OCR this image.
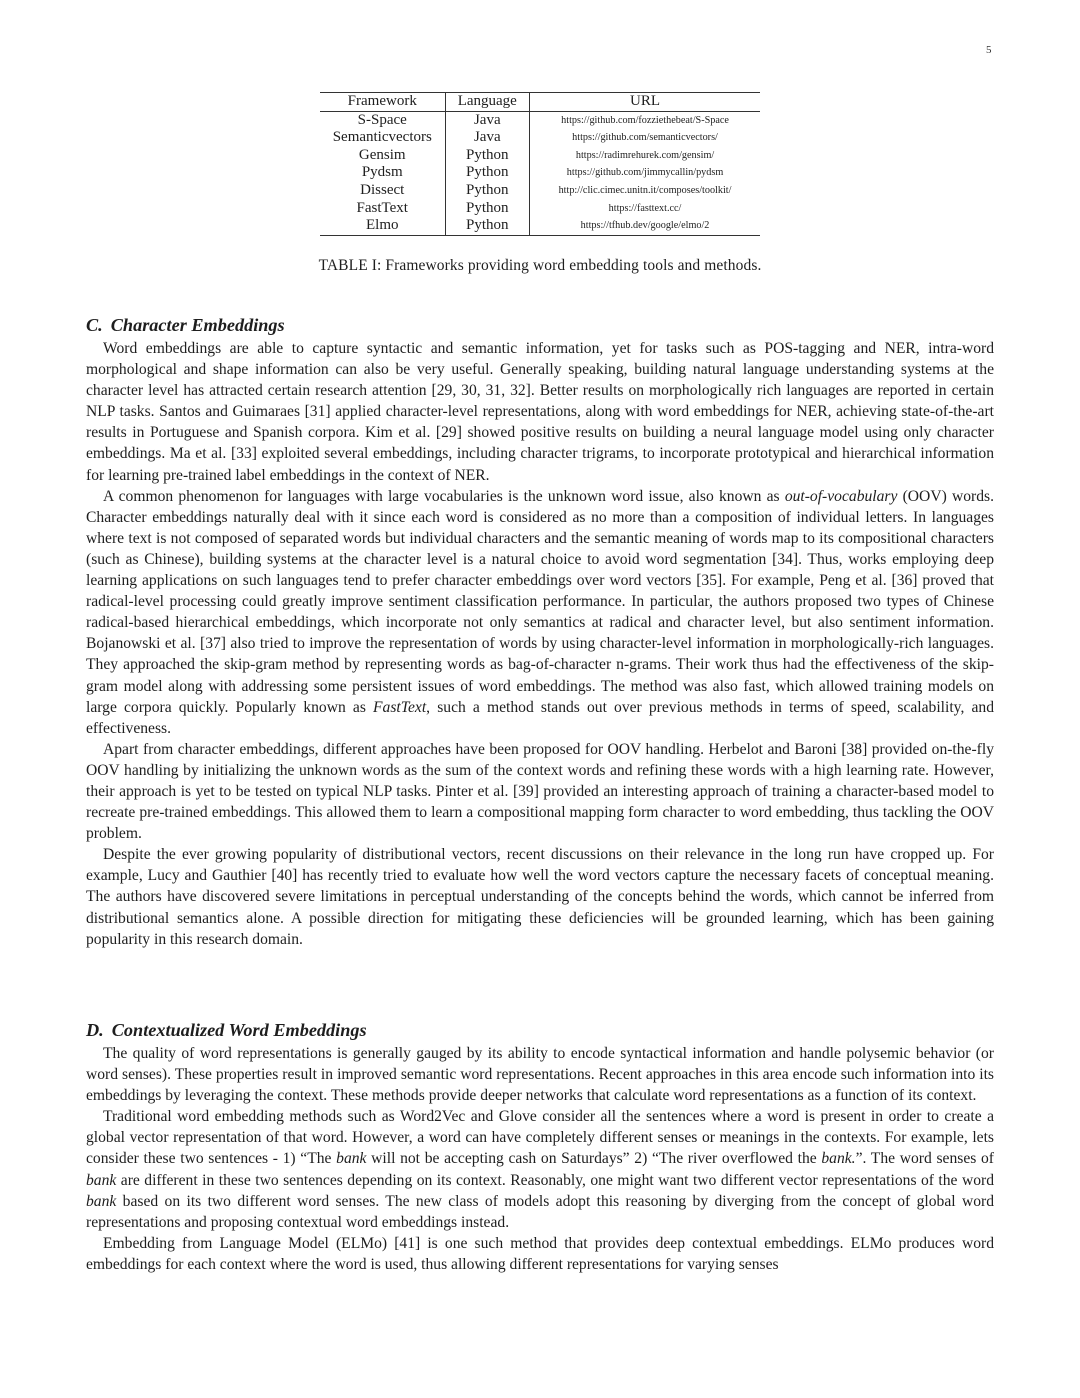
5
Framework	Language	URL
S-Space	Java	https://github.com/fozziethebeat/S-Space
Semanticvectors	Java	https://github.com/semanticvectors/
Gensim	Python	https://radimrehurek.com/gensim/
Pydsm	Python	https://github.com/jimmycallin/pydsm
Dissect	Python	http://clic.cimec.unitn.it/composes/toolkit/
FastText	Python	https://fasttext.cc/
Elmo	Python	https://tfhub.dev/google/elmo/2
TABLE I: Frameworks providing word embedding tools and methods.
C. Character Embeddings

Word embeddings are able to capture syntactic and semantic information, yet for tasks such as POS-tagging and NER, intra-word morphological and shape information can also be very useful. Generally speaking, building natural language understanding systems at the character level has attracted certain research attention [29, 30, 31, 32]. Better results on morphologically rich languages are reported in certain NLP tasks. Santos and Guimaraes [31] applied character-level representations, along with word embeddings for NER, achieving state-of-the-art results in Portuguese and Spanish corpora. Kim et al. [29] showed positive results on building a neural language model using only character embeddings. Ma et al. [33] exploited several embeddings, including character trigrams, to incorporate prototypical and hierarchical information for learning pre-trained label embeddings in the context of NER.

A common phenomenon for languages with large vocabularies is the unknown word issue, also known as out-of-vocabulary (OOV) words. Character embeddings naturally deal with it since each word is considered as no more than a composition of individual letters. In languages where text is not composed of separated words but individual characters and the semantic meaning of words map to its compositional characters (such as Chinese), building systems at the character level is a natural choice to avoid word segmentation [34]. Thus, works employing deep learning applications on such languages tend to prefer character embeddings over word vectors [35]. For example, Peng et al. [36] proved that radical-level processing could greatly improve sentiment classification performance. In particular, the authors proposed two types of Chinese radical-based hierarchical embeddings, which incorporate not only semantics at radical and character level, but also sentiment information. Bojanowski et al. [37] also tried to improve the representation of words by using character-level information in morphologically-rich languages. They approached the skip-gram method by representing words as bag-of-character n-grams. Their work thus had the effectiveness of the skip-gram model along with addressing some persistent issues of word embeddings. The method was also fast, which allowed training models on large corpora quickly. Popularly known as FastText, such a method stands out over previous methods in terms of speed, scalability, and effectiveness.

Apart from character embeddings, different approaches have been proposed for OOV handling. Herbelot and Baroni [38] provided on-the-fly OOV handling by initializing the unknown words as the sum of the context words and refining these words with a high learning rate. However, their approach is yet to be tested on typical NLP tasks. Pinter et al. [39] provided an interesting approach of training a character-based model to recreate pre-trained embeddings. This allowed them to learn a compositional mapping form character to word embedding, thus tackling the OOV problem.

Despite the ever growing popularity of distributional vectors, recent discussions on their relevance in the long run have cropped up. For example, Lucy and Gauthier [40] has recently tried to evaluate how well the word vectors capture the necessary facets of conceptual meaning. The authors have discovered severe limitations in perceptual understanding of the concepts behind the words, which cannot be inferred from distributional semantics alone. A possible direction for mitigating these deficiencies will be grounded learning, which has been gaining popularity in this research domain.

D. Contextualized Word Embeddings

The quality of word representations is generally gauged by its ability to encode syntactical information and handle polysemic behavior (or word senses). These properties result in improved semantic word representations. Recent approaches in this area encode such information into its embeddings by leveraging the context. These methods provide deeper networks that calculate word representations as a function of its context.

Traditional word embedding methods such as Word2Vec and Glove consider all the sentences where a word is present in order to create a global vector representation of that word. However, a word can have completely different senses or meanings in the contexts. For example, lets consider these two sentences - 1) “The bank will not be accepting cash on Saturdays” 2) “The river overflowed the bank.”. The word senses of bank are different in these two sentences depending on its context. Reasonably, one might want two different vector representations of the word bank based on its two different word senses. The new class of models adopt this reasoning by diverging from the concept of global word representations and proposing contextual word embeddings instead.

Embedding from Language Model (ELMo) [41] is one such method that provides deep contextual embeddings. ELMo produces word embeddings for each context where the word is used, thus allowing different representations for varying senses
